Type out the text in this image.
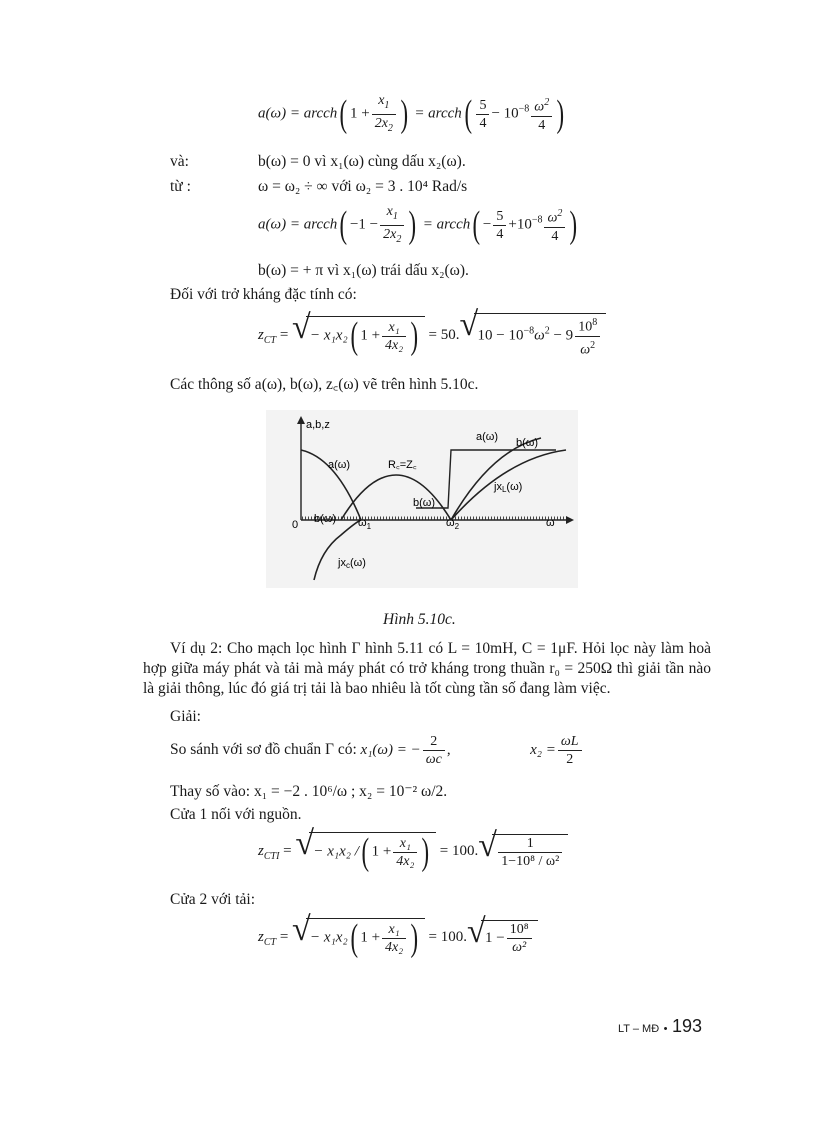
a(ω) = arcch( $1 + \frac{x_1}{2x_2}$ ) = arcch( $\frac{5}{4} - 10^{-8} \frac{\omega^2}{4}$ )
và:	b(ω) = 0 vì x₁(ω) cùng dấu x₂(ω).
từ :	ω = ω₂ ÷ ∞ với ω₂ = 3 . 10⁴ Rad/s
a(ω) = arcch( $-1 - \frac{x_1}{2x_2}$ ) = arcch( − $\frac{5}{4} +10^{-8} \frac{\omega^2}{4}$ )
b(ω) = + π vì x₁(ω) trái dấu x₂(ω).
Đối với trở kháng đặc tính có:
$z_{CT}$ = √ − x₁x₂( $1 + \frac{\text{x₁}}{\text{4x₂}}$ ) = 50. √ $10 - 10^{-8}\omega^2 - 9 \frac{10^8}{\omega^2}$
Các thông số a(ω), b(ω), z꜀(ω) vẽ trên hình 5.10c.
a,b,z
0 b(ω) $\omega_1$	$\omega_2$	ω
a(ω)	R꜀=Z꜀
b(ω)
a(ω) b(ω)
jxL(ω)
jxc(ω)
Hình 5.10c.
Ví dụ 2: Cho mạch lọc hình Γ hình 5.11 có L = 10mH, C = 1μF. Hỏi lọc này làm hoà hợp giữa máy phát và tải mà máy phát có trở kháng trong thuần r₀ = 250Ω thì giải tần nào là giải thông, lúc đó giá trị tải là bao nhiêu là tốt cùng tần số đang làm việc.
Giải:
So sánh với sơ đồ chuẩn Γ có: x₁(ω) = − $\frac{2}{\omega c}$ ,	$x_2 = \frac{\omega L}{2}$
Thay số vào: x₁ = −2 . 10⁶/ω ; x₂ = 10⁻² ω/2.
Cửa 1 nối với nguồn.
$z_{CTI}$ = √ − x₁x₂ /( $1 + \frac{\text{x₁}}{\text{4x₂}}$ ) = 100. √ $\frac{1}{\text{1−10⁸ / ω²}}$
Cửa 2 với tải:
$z_{CT}$ = √ − x₁x₂( $1 + \frac{\text{x₁}}{\text{4x₂}}$ ) = 100. √ $1 - \frac{\text{10⁸}}{\text{ω²}}$
LT – MĐ • 193
